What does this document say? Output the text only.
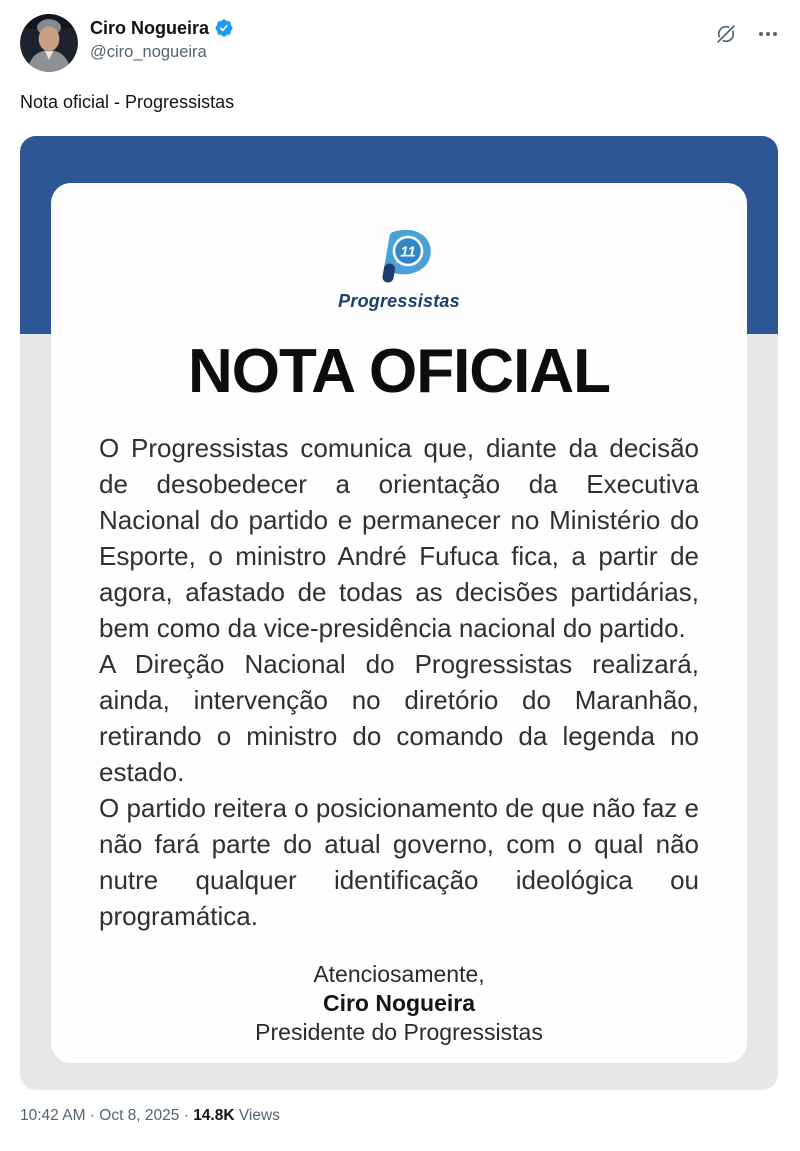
Ciro Nogueira
@ciro_nogueira
Nota oficial - Progressistas
11
Progressistas
NOTA OFICIAL

O Progressistas comunica que, diante da decisão de desobedecer a orientação da Executiva Nacional do partido e permanecer no Ministério do Esporte, o ministro André Fufuca fica, a partir de agora, afastado de todas as decisões partidárias, bem como da vice-presidência nacional do partido.

A Direção Nacional do Progressistas realizará, ainda, intervenção no diretório do Maranhão, retirando o ministro do comando da legenda no estado.

O partido reitera o posicionamento de que não faz e não fará parte do atual governo, com o qual não nutre qualquer identificação ideológica ou programática.

Atenciosamente,
Ciro Nogueira
Presidente do Progressistas
10:42 AM · Oct 8, 2025 · 14.8K Views
